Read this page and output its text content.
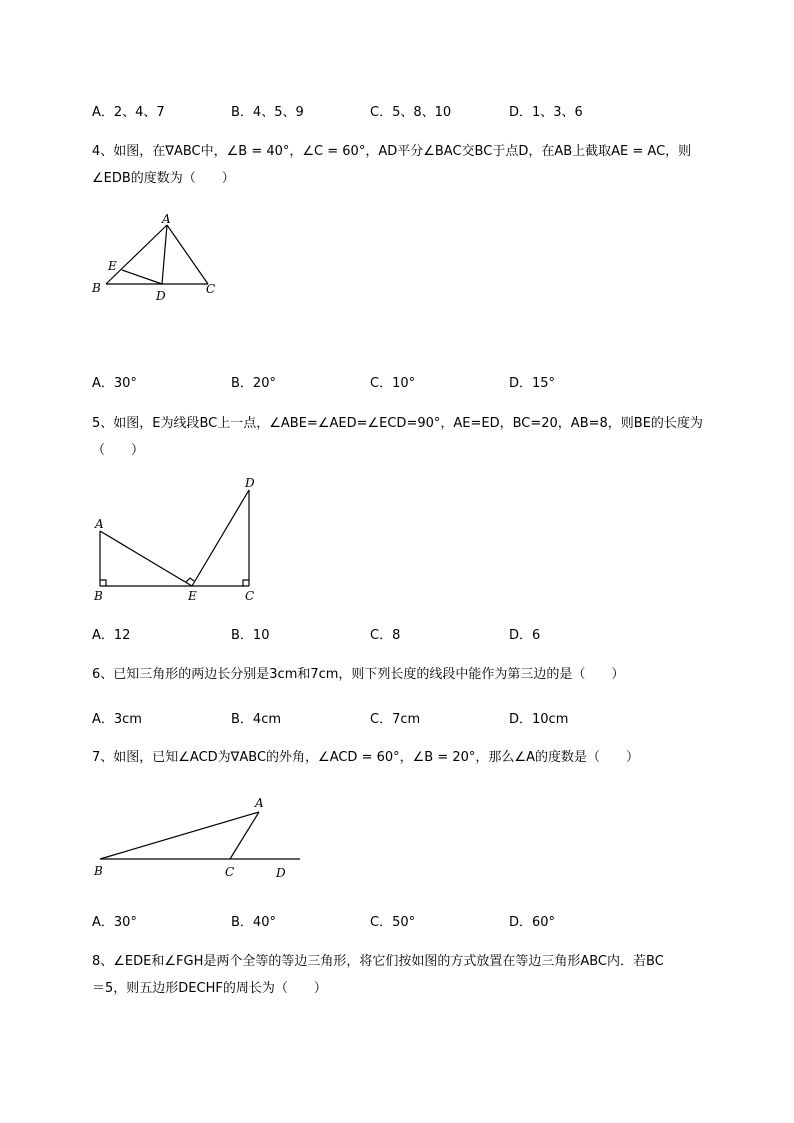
A．2、4、7	B．4、5、9	C．5、8、10	D．1、3、6
4、如图，在∇ABC中，∠B = 40°，∠C = 60°，AD平分∠BAC交BC于点D，在AB上截取AE = AC，则
∠EDB的度数为（　　）
A
E
B
D	C
A．30°	B．20°	C．10°	D．15°
5、如图，E为线段BC上一点，∠ABE=∠AED=∠ECD=90°，AE=ED，BC=20，AB=8，则BE的长度为
（　　）
A
D
B	E	C
A．12	B．10	C．8	D．6
6、已知三角形的两边长分别是3cm和7cm，则下列长度的线段中能作为第三边的是（　　）
A．3cm	B．4cm	C．7cm	D．10cm
7、如图，已知∠ACD为∇ABC的外角，∠ACD = 60°，∠B = 20°，那么∠A的度数是（　　）
A
B	C	D
A．30°	B．40°	C．50°	D．60°
8、∠EDE和∠FGH是两个全等的等边三角形，将它们按如图的方式放置在等边三角形ABC内．若BC
＝5，则五边形DECHF的周长为（　　）
